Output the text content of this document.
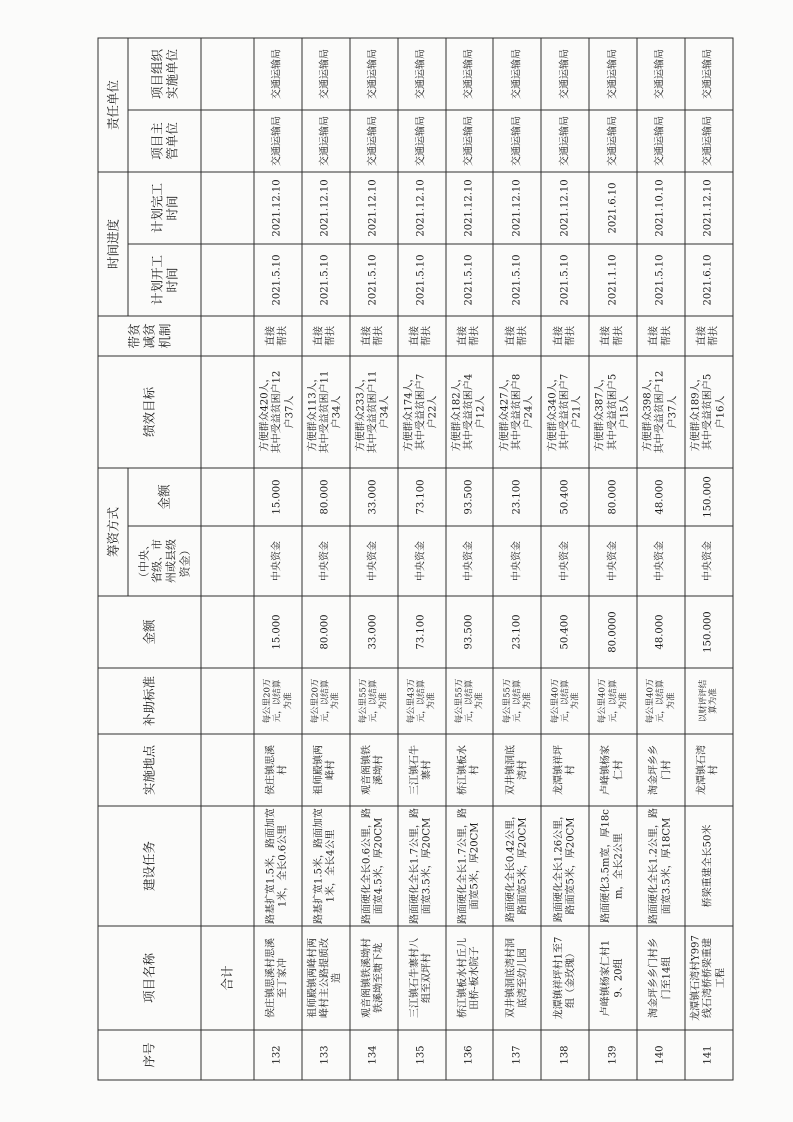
序号	项目名称	建设任务	实施地点	补助标准	金额	筹资方式		绩效目标	带贫减贫机制	时间进度		责任单位	
						（中央、省级、市州或县级资金）	金额			计划开工时间	计划完工时间	项目主管单位	项目组织实施单位
	合计												
132	侯庄镇思溪村思溪至丁家冲	路基扩宽1.5米，路面加宽1米，全长0.6公里	侯庄镇思溪村	每公里20万元，以结算为准	15.000	中央资金	15.000	方便群众420人，其中受益贫困户12户37人	直接帮扶	2021.5.10	2021.12.10	交通运输局	交通运输局
133	祖师殿镇两峰村两峰村主公路提质改造	路基扩宽1.5米，路面加宽1米，全长4公里	祖师殿镇两峰村	每公里20万元，以结算为准	80.000	中央资金	80.000	方便群众113人，其中受益贫困户11户34人	直接帮扶	2021.5.10	2021.12.10	交通运输局	交通运输局
134	观音阁镇铁溪坳村铁溪坳至塘下垅	路面硬化全长0.6公里，路面宽4.5米，厚20CM	观音阁镇铁溪坳村	每公里55万元，以结算为准	33.000	中央资金	33.000	方便群众233人，其中受益贫困户11户34人	直接帮扶	2021.5.10	2021.12.10	交通运输局	交通运输局
135	三江镇石牛寨村八组至双坪村	路面硬化全长1.7公里，路面宽3.5米，厚20CM	三江镇石牛寨村	每公里43万元，以结算为准	73.100	中央资金	73.100	方便群众174人，其中受益贫困户7户22人	直接帮扶	2021.5.10	2021.12.10	交通运输局	交通运输局
136	桥江镇板水村丘儿田桥-板水院子	路面硬化全长1.7公里，路面宽5米，厚20CM	桥江镇板水村	每公里55万元，以结算为准	93.500	中央资金	93.500	方便群众182人，其中受益贫困户4户12人	直接帮扶	2021.5.10	2021.12.10	交通运输局	交通运输局
137	双井镇洞底湾村洞底湾至幼儿园	路面硬化全长0.42公里，路面宽5米，厚20CM	双井镇洞底湾村	每公里55万元，以结算为准	23.100	中央资金	23.100	方便群众427人，其中受益贫困户8户24人	直接帮扶	2021.5.10	2021.12.10	交通运输局	交通运输局
138	龙潭镇祥坪村1至7组（金玫瑰）	路面硬化全长1.26公里，路面宽5米，厚20CM	龙潭镇祥坪村	每公里40万元，以结算为准	50.400	中央资金	50.400	方便群众340人，其中受益贫困户7户21人	直接帮扶	2021.5.10	2021.12.10	交通运输局	交通运输局
139	卢峰镇杨家仁村19、20组	路面硬化3.5m宽，厚18cm，全长2公里	卢峰镇杨家仁村	每公里40万元，以结算为准	80.0000	中央资金	80.000	方便群众387人，其中受益贫困户5户15人	直接帮扶	2021.1.10	2021.6.10	交通运输局	交通运输局
140	淘金坪乡乡门村乡门至14组	路面硬化全长1.2公里，路面宽3.5米，厚18CM	淘金坪乡乡门村	每公里40万元，以结算为准	48.000	中央资金	48.000	方便群众398人，其中受益贫困户12户37人	直接帮扶	2021.5.10	2021.10.10	交通运输局	交通运输局
141	龙潭镇石湾村Y997线石湾桥桥梁重建工程	桥梁重建全长50米	龙潭镇石湾村	以财评评结算为准	150.000	中央资金	150.000	方便群众189人，其中受益贫困户5户16人	直接帮扶	2021.6.10	2021.12.10	交通运输局	交通运输局
